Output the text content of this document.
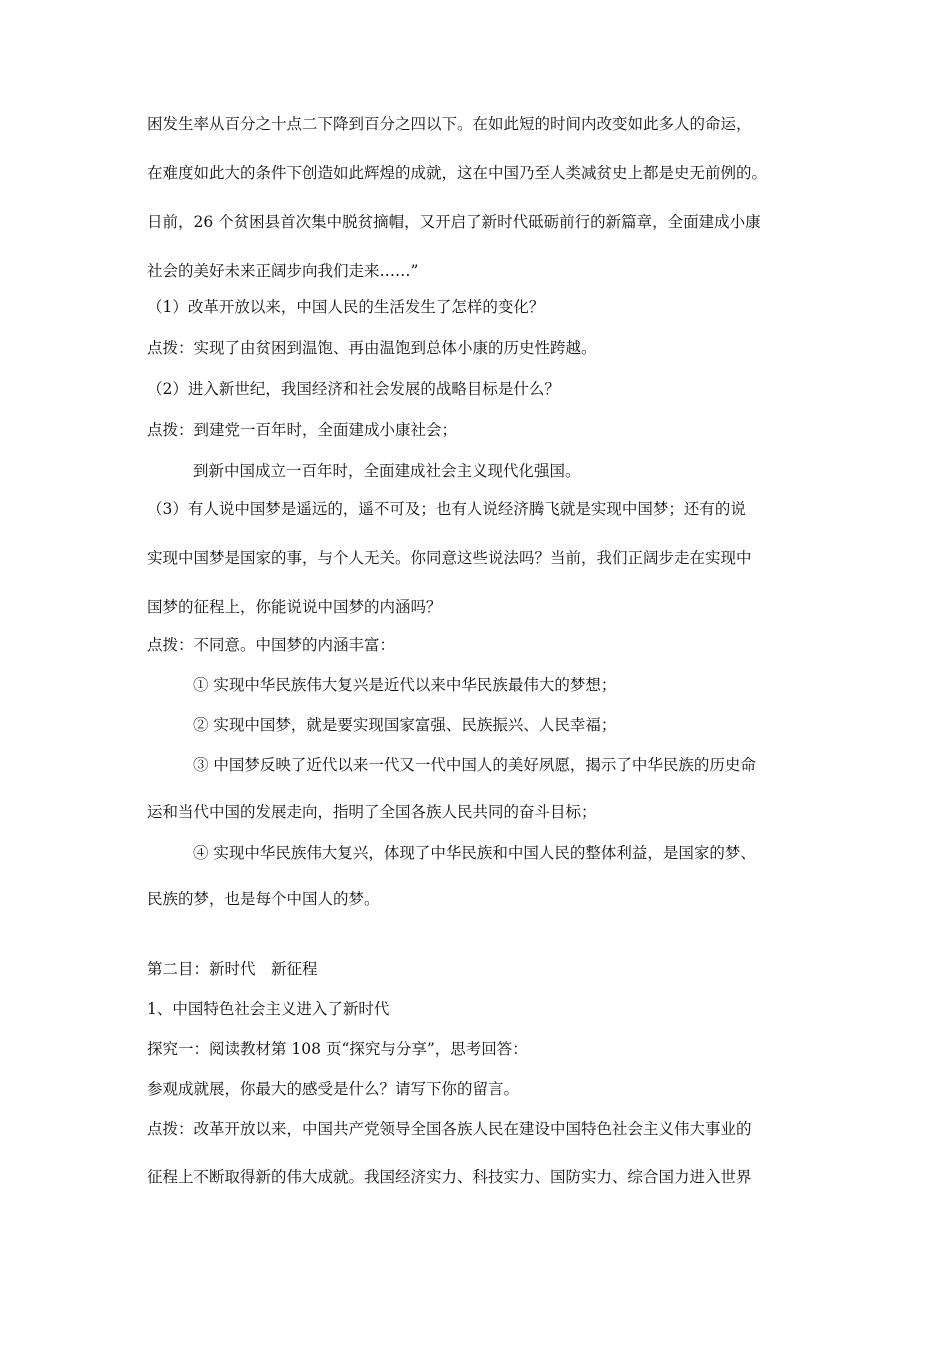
困发生率从百分之十点二下降到百分之四以下。在如此短的时间内改变如此多人的命运，
在难度如此大的条件下创造如此辉煌的成就，这在中国乃至人类减贫史上都是史无前例的。
日前，26 个贫困县首次集中脱贫摘帽，又开启了新时代砥砺前行的新篇章，全面建成小康
社会的美好未来正阔步向我们走来……”
（1）改革开放以来，中国人民的生活发生了怎样的变化？
点拨：实现了由贫困到温饱、再由温饱到总体小康的历史性跨越。
（2）进入新世纪，我国经济和社会发展的战略目标是什么？
点拨：到建党一百年时，全面建成小康社会；
到新中国成立一百年时，全面建成社会主义现代化强国。
（3）有人说中国梦是遥远的，遥不可及；也有人说经济腾飞就是实现中国梦；还有的说
实现中国梦是国家的事，与个人无关。你同意这些说法吗？当前，我们正阔步走在实现中
国梦的征程上，你能说说中国梦的内涵吗？
点拨：不同意。中国梦的内涵丰富：
① 实现中华民族伟大复兴是近代以来中华民族最伟大的梦想；
② 实现中国梦，就是要实现国家富强、民族振兴、人民幸福；
③ 中国梦反映了近代以来一代又一代中国人的美好夙愿，揭示了中华民族的历史命
运和当代中国的发展走向，指明了全国各族人民共同的奋斗目标；
④ 实现中华民族伟大复兴，体现了中华民族和中国人民的整体利益，是国家的梦、
民族的梦，也是每个中国人的梦。
第二目：新时代　新征程
1、中国特色社会主义进入了新时代
探究一：阅读教材第 108 页“探究与分享”，思考回答：
参观成就展，你最大的感受是什么？请写下你的留言。
点拨：改革开放以来，中国共产党领导全国各族人民在建设中国特色社会主义伟大事业的
征程上不断取得新的伟大成就。我国经济实力、科技实力、国防实力、综合国力进入世界
